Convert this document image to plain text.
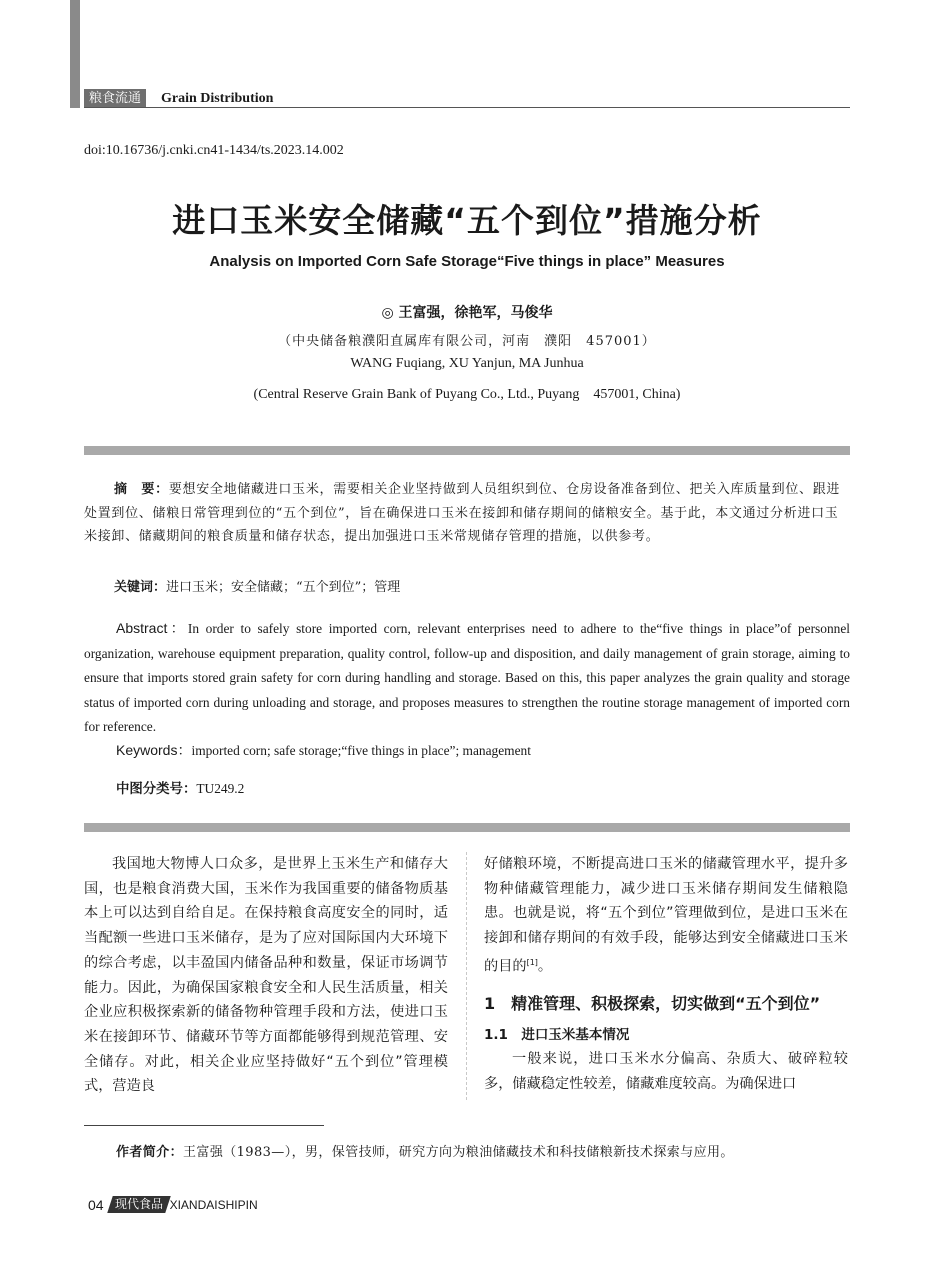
粮食流通	Grain Distribution
doi:10.16736/j.cnki.cn41-1434/ts.2023.14.002
进口玉米安全储藏“五个到位”措施分析
Analysis on Imported Corn Safe Storage“Five things in place” Measures
◎ 王富强，徐艳军，马俊华
（中央储备粮濮阳直属库有限公司，河南　濮阳　457001）
WANG Fuqiang, XU Yanjun, MA Junhua
(Central Reserve Grain Bank of Puyang Co., Ltd., Puyang　457001, China)
摘　要：要想安全地储藏进口玉米，需要相关企业坚持做到人员组织到位、仓房设备准备到位、把关入库质量到位、跟进处置到位、储粮日常管理到位的“五个到位”，旨在确保进口玉米在接卸和储存期间的储粮安全。基于此，本文通过分析进口玉米接卸、储藏期间的粮食质量和储存状态，提出加强进口玉米常规储存管理的措施，以供参考。
关键词：进口玉米；安全储藏；“五个到位”；管理
Abstract：In order to safely store imported corn, relevant enterprises need to adhere to the“five things in place”of personnel organization, warehouse equipment preparation, quality control, follow-up and disposition, and daily management of grain storage, aiming to ensure that imports stored grain safety for corn during handling and storage. Based on this, this paper analyzes the grain quality and storage status of imported corn during unloading and storage, and proposes measures to strengthen the routine storage management of imported corn for reference.
Keywords：imported corn; safe storage;“five things in place”; management
中图分类号：TU249.2
我国地大物博人口众多，是世界上玉米生产和储存大国，也是粮食消费大国，玉米作为我国重要的储备物质基本上可以达到自给自足。在保持粮食高度安全的同时，适当配额一些进口玉米储存，是为了应对国际国内大环境下的综合考虑，以丰盈国内储备品种和数量，保证市场调节能力。因此，为确保国家粮食安全和人民生活质量，相关企业应积极探索新的储备物种管理手段和方法，使进口玉米在接卸环节、储藏环节等方面都能够得到规范管理、安全储存。对此，相关企业应坚持做好“五个到位”管理模式，营造良
好储粮环境，不断提高进口玉米的储藏管理水平，提升多物种储藏管理能力，减少进口玉米储存期间发生储粮隐患。也就是说，将“五个到位”管理做到位，是进口玉米在接卸和储存期间的有效手段，能够达到安全储藏进口玉米的目的[1]。
1　精准管理、积极探索，切实做到“五个到位”
1.1　进口玉米基本情况
一般来说，进口玉米水分偏高、杂质大、破碎粒较多，储藏稳定性较差，储藏难度较高。为确保进口
作者简介：王富强（1983—），男，保管技师，研究方向为粮油储藏技术和科技储粮新技术探索与应用。
04 现代食品 XIANDAISHIPIN
